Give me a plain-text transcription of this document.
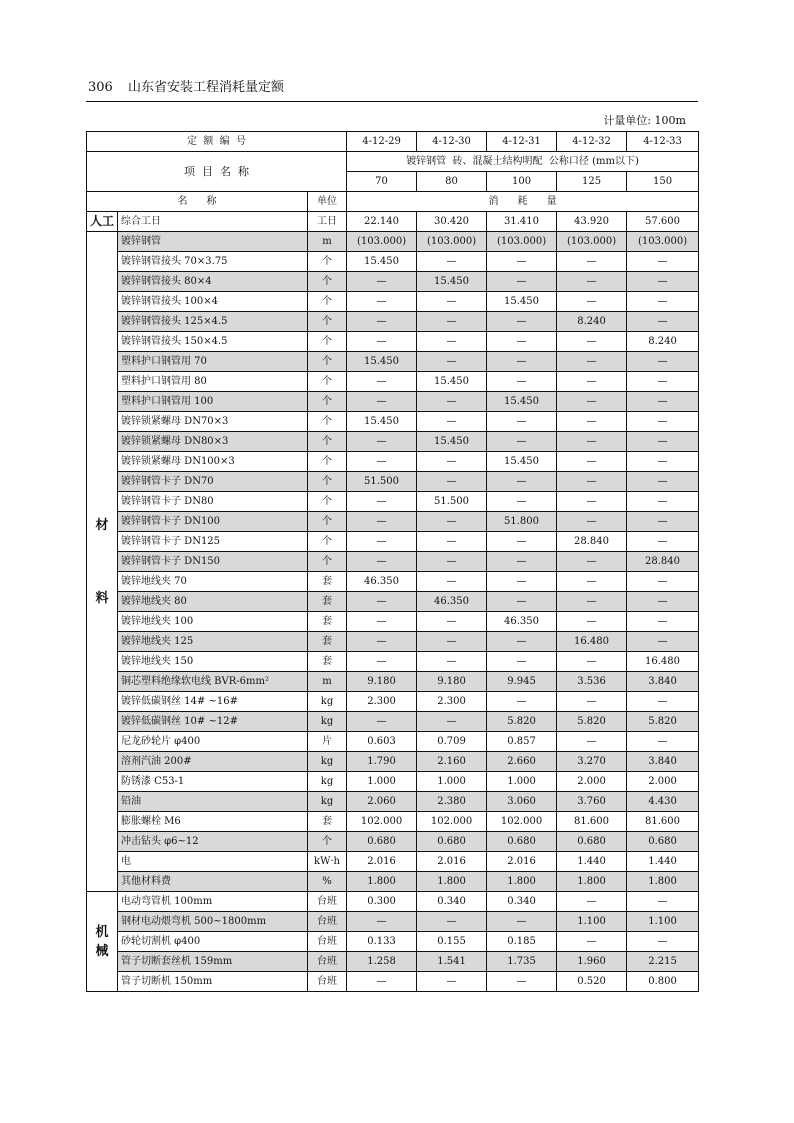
306 山东省安装工程消耗量定额
计量单位: 100m
定  额  编  号			4-12-29	4-12-30	4-12-31	4-12-32	4-12-33
项  目  名  称			镀锌钢管  砖、混凝土结构明配  公称口径 (mm以下)				
			70	80	100	125	150
名      称		单位	消      耗      量				
人工	综合工日	工日	22.140	30.420	31.410	43.920	57.600

材
料	镀锌钢管	m	(103.000)	(103.000)	(103.000)	(103.000)	(103.000)
	镀锌钢管接头 70×3.75	个	15.450	—	—	—	—
	镀锌钢管接头 80×4	个	—	15.450	—	—	—
	镀锌钢管接头 100×4	个	—	—	15.450	—	—
	镀锌钢管接头 125×4.5	个	—	—	—	8.240	—
	镀锌钢管接头 150×4.5	个	—	—	—	—	8.240
	塑料护口钢管用 70	个	15.450	—	—	—	—
	塑料护口钢管用 80	个	—	15.450	—	—	—
	塑料护口钢管用 100	个	—	—	15.450	—	—
	镀锌锁紧螺母 DN70×3	个	15.450	—	—	—	—
	镀锌锁紧螺母 DN80×3	个	—	15.450	—	—	—
	镀锌锁紧螺母 DN100×3	个	—	—	15.450	—	—
	镀锌钢管卡子 DN70	个	51.500	—	—	—	—
	镀锌钢管卡子 DN80	个	—	51.500	—	—	—
	镀锌钢管卡子 DN100	个	—	—	51.800	—	—
	镀锌钢管卡子 DN125	个	—	—	—	28.840	—
	镀锌钢管卡子 DN150	个	—	—	—	—	28.840
	镀锌地线夹 70	套	46.350	—	—	—	—
	镀锌地线夹 80	套	—	46.350	—	—	—
	镀锌地线夹 100	套	—	—	46.350	—	—
	镀锌地线夹 125	套	—	—	—	16.480	—
	镀锌地线夹 150	套	—	—	—	—	16.480
	铜芯塑料绝缘软电线 BVR-6mm²	m	9.180	9.180	9.945	3.536	3.840
	镀锌低碳钢丝 14# ~16#	kg	2.300	2.300	—	—	—
	镀锌低碳钢丝 10# ~12#	kg	—	—	5.820	5.820	5.820
	尼龙砂轮片 φ400	片	0.603	0.709	0.857	—	—
	溶剂汽油 200#	kg	1.790	2.160	2.660	3.270	3.840
	防锈漆 C53-1	kg	1.000	1.000	1.000	2.000	2.000
	铅油	kg	2.060	2.380	3.060	3.760	4.430
	膨胀螺栓 M6	套	102.000	102.000	102.000	81.600	81.600
	冲击钻头 φ6~12	个	0.680	0.680	0.680	0.680	0.680
	电	kW·h	2.016	2.016	2.016	1.440	1.440
	其他材料费	%	1.800	1.800	1.800	1.800	1.800

机
械	电动弯管机 100mm	台班	0.300	0.340	0.340	—	—
	钢材电动煨弯机 500~1800mm	台班	—	—	—	1.100	1.100
	砂轮切割机 φ400	台班	0.133	0.155	0.185	—	—
	管子切断套丝机 159mm	台班	1.258	1.541	1.735	1.960	2.215
	管子切断机 150mm	台班	—	—	—	0.520	0.800
